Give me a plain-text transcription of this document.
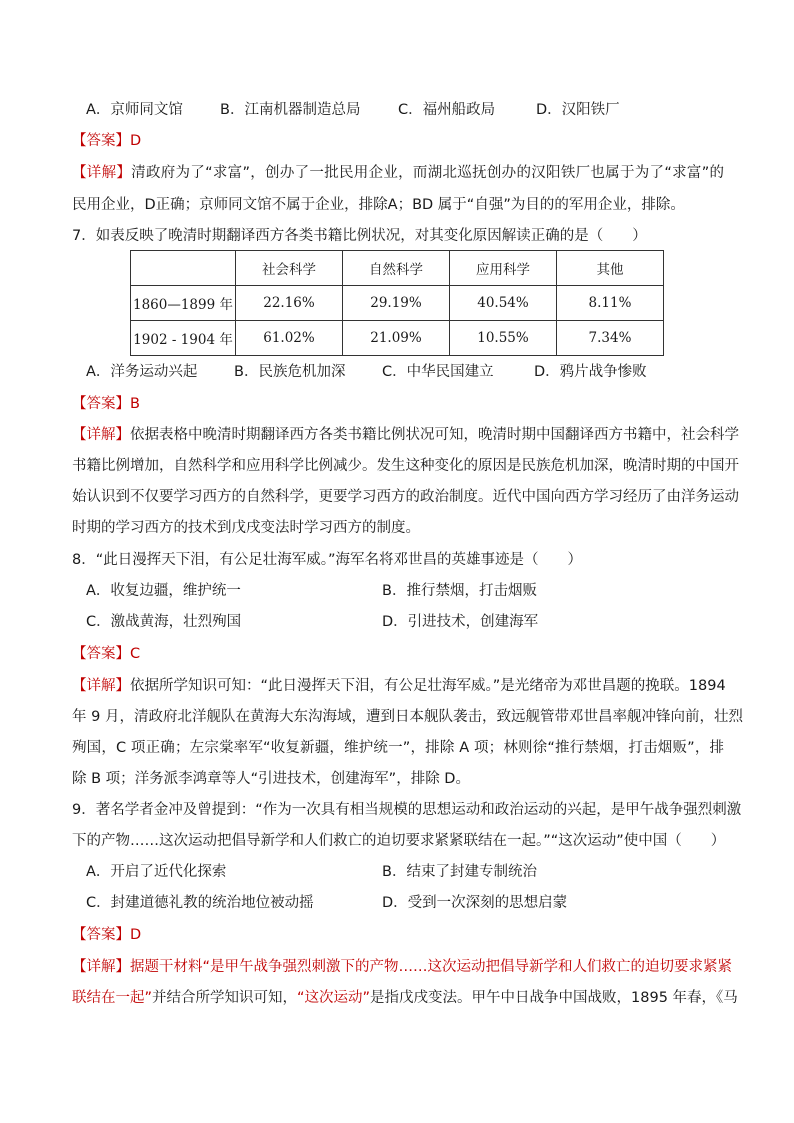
A．京师同文馆	B．江南机器制造总局	C．福州船政局	D．汉阳铁厂
【答案】D
【详解】清政府为了“求富”，创办了一批民用企业，而湖北巡抚创办的汉阳铁厂也属于为了“求富”的
民用企业，D正确；京师同文馆不属于企业，排除A；BD 属于“自强”为目的的军用企业，排除。
7．如表反映了晚清时期翻译西方各类书籍比例状况，对其变化原因解读正确的是（　　）
	社会科学	自然科学	应用科学	其他
1860—1899 年	22.16%	29.19%	40.54%	8.11%
1902 - 1904 年	61.02%	21.09%	10.55%	7.34%
A．洋务运动兴起	B．民族危机加深	C．中华民国建立	D．鸦片战争惨败
【答案】B
【详解】依据表格中晚清时期翻译西方各类书籍比例状况可知，晚清时期中国翻译西方书籍中，社会科学
书籍比例增加，自然科学和应用科学比例减少。发生这种变化的原因是民族危机加深，晚清时期的中国开
始认识到不仅要学习西方的自然科学，更要学习西方的政治制度。近代中国向西方学习经历了由洋务运动
时期的学习西方的技术到戊戌变法时学习西方的制度。
8．“此日漫挥天下泪，有公足壮海军威。”海军名将邓世昌的英雄事迹是（　　）
A．收复边疆，维护统一	B．推行禁烟，打击烟贩
C．激战黄海，壮烈殉国	D．引进技术，创建海军
【答案】C
【详解】依据所学知识可知：“此日漫挥天下泪，有公足壮海军威。”是光绪帝为邓世昌题的挽联。1894
年 9 月，清政府北洋舰队在黄海大东沟海域，遭到日本舰队袭击，致远舰管带邓世昌率舰冲锋向前，壮烈
殉国，C 项正确；左宗棠率军“收复新疆，维护统一”，排除 A 项；林则徐“推行禁烟，打击烟贩”，排
除 B 项；洋务派李鸿章等人“引进技术，创建海军”，排除 D。
9．著名学者金冲及曾提到：“作为一次具有相当规模的思想运动和政治运动的兴起，是甲午战争强烈刺激
下的产物……这次运动把倡导新学和人们救亡的迫切要求紧紧联结在一起。”“这次运动”使中国（　　）
A．开启了近代化探索	B．结束了封建专制统治
C．封建道德礼教的统治地位被动摇	D．受到一次深刻的思想启蒙
【答案】D
【详解】据题干材料“是甲午战争强烈刺激下的产物……这次运动把倡导新学和人们救亡的迫切要求紧紧
联结在一起”并结合所学知识可知，“这次运动”是指戊戌变法。甲午中日战争中国战败，1895 年春，《马
